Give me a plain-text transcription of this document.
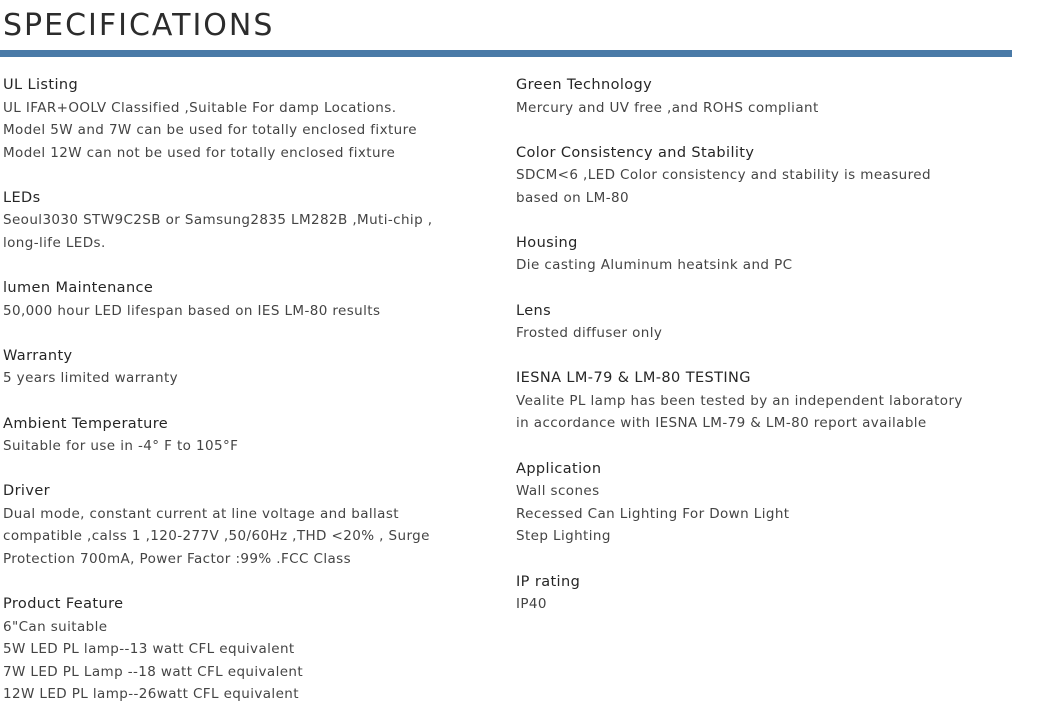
SPECIFICATIONS
UL Listing
UL IFAR+OOLV Classified ,Suitable For damp Locations.
Model 5W and 7W can be used for totally enclosed fixture
Model 12W can not be used for totally enclosed fixture
LEDs
Seoul3030 STW9C2SB or Samsung2835 LM282B ,Muti-chip ,
long-life LEDs.
lumen Maintenance
50,000 hour LED lifespan based on IES LM-80 results
Warranty
5 years limited warranty
Ambient Temperature
Suitable for use in -4° F to 105°F
Driver
Dual mode, constant current at line voltage and ballast
compatible ,calss 1 ,120-277V ,50/60Hz ,THD <20% , Surge
Protection 700mA, Power Factor :99% .FCC Class
Product Feature
6"Can suitable
5W LED PL lamp--13 watt CFL equivalent
7W LED PL Lamp --18 watt CFL equivalent
12W LED PL lamp--26watt CFL equivalent
Green Technology
Mercury and UV free ,and ROHS compliant
Color Consistency and Stability
SDCM<6 ,LED Color consistency and stability is measured
based on LM-80
Housing
Die casting Aluminum heatsink and PC
Lens
Frosted diffuser only
IESNA LM-79 & LM-80 TESTING
Vealite PL lamp has been tested by an independent laboratory
in accordance with IESNA LM-79 & LM-80 report available
Application
Wall scones
Recessed Can Lighting For Down Light
Step Lighting
IP rating
IP40
